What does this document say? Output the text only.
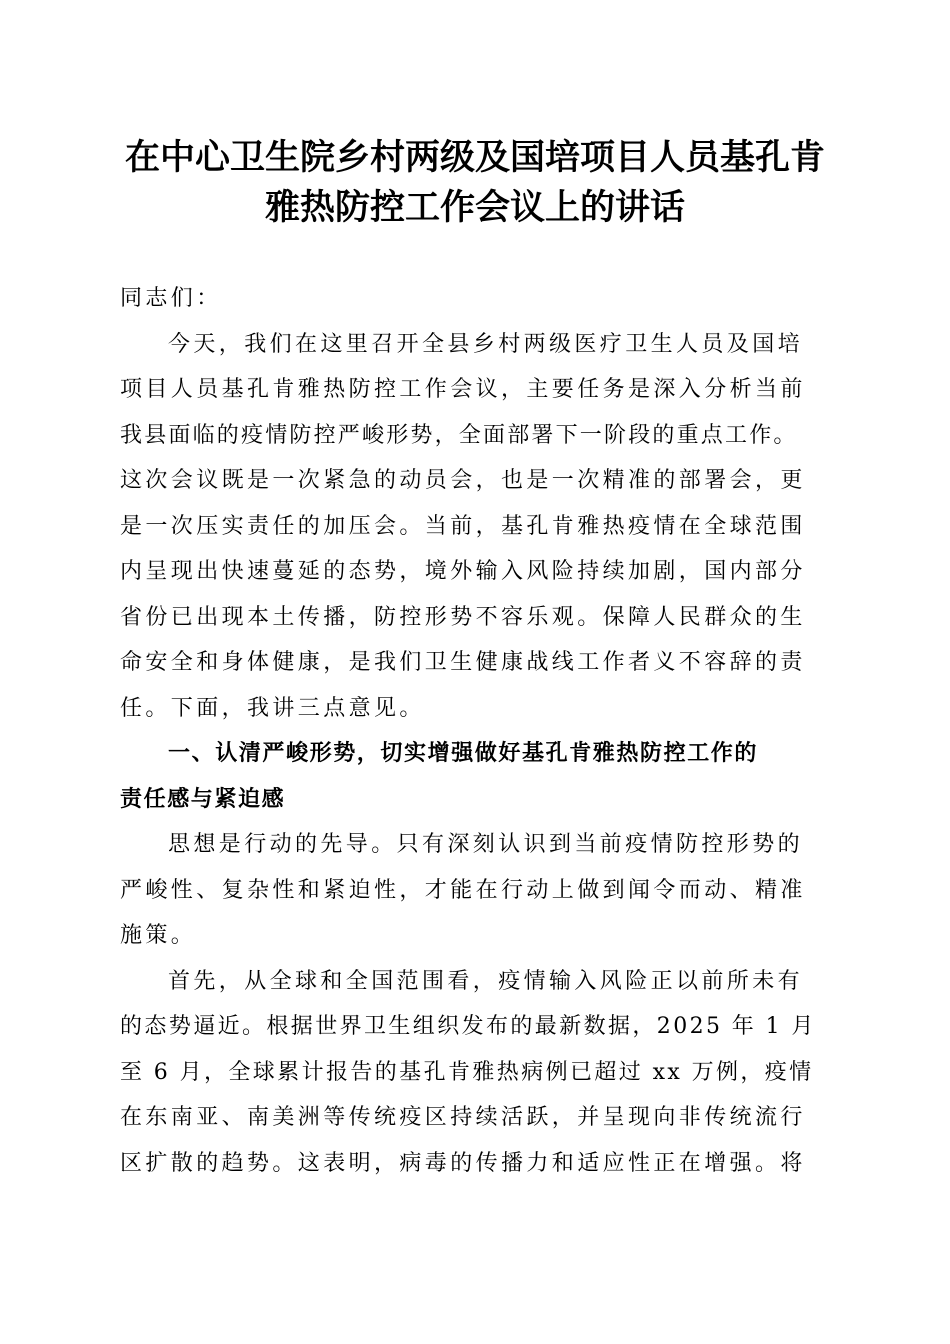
在中心卫生院乡村两级及国培项目人员基孔肯
雅热防控工作会议上的讲话

同志们：

今天，我们在这里召开全县乡村两级医疗卫生人员及国培
项目人员基孔肯雅热防控工作会议，主要任务是深入分析当前
我县面临的疫情防控严峻形势，全面部署下一阶段的重点工作。
这次会议既是一次紧急的动员会，也是一次精准的部署会，更
是一次压实责任的加压会。当前，基孔肯雅热疫情在全球范围
内呈现出快速蔓延的态势，境外输入风险持续加剧，国内部分
省份已出现本土传播，防控形势不容乐观。保障人民群众的生
命安全和身体健康，是我们卫生健康战线工作者义不容辞的责
任。下面，我讲三点意见。

一、认清严峻形势，切实增强做好基孔肯雅热防控工作的
责任感与紧迫感

思想是行动的先导。只有深刻认识到当前疫情防控形势的
严峻性、复杂性和紧迫性，才能在行动上做到闻令而动、精准
施策。

首先，从全球和全国范围看，疫情输入风险正以前所未有
的态势逼近。根据世界卫生组织发布的最新数据，2025 年 1 月
至 6 月，全球累计报告的基孔肯雅热病例已超过 xx 万例，疫情
在东南亚、南美洲等传统疫区持续活跃，并呈现向非传统流行
区扩散的趋势。这表明，病毒的传播力和适应性正在增强。将
